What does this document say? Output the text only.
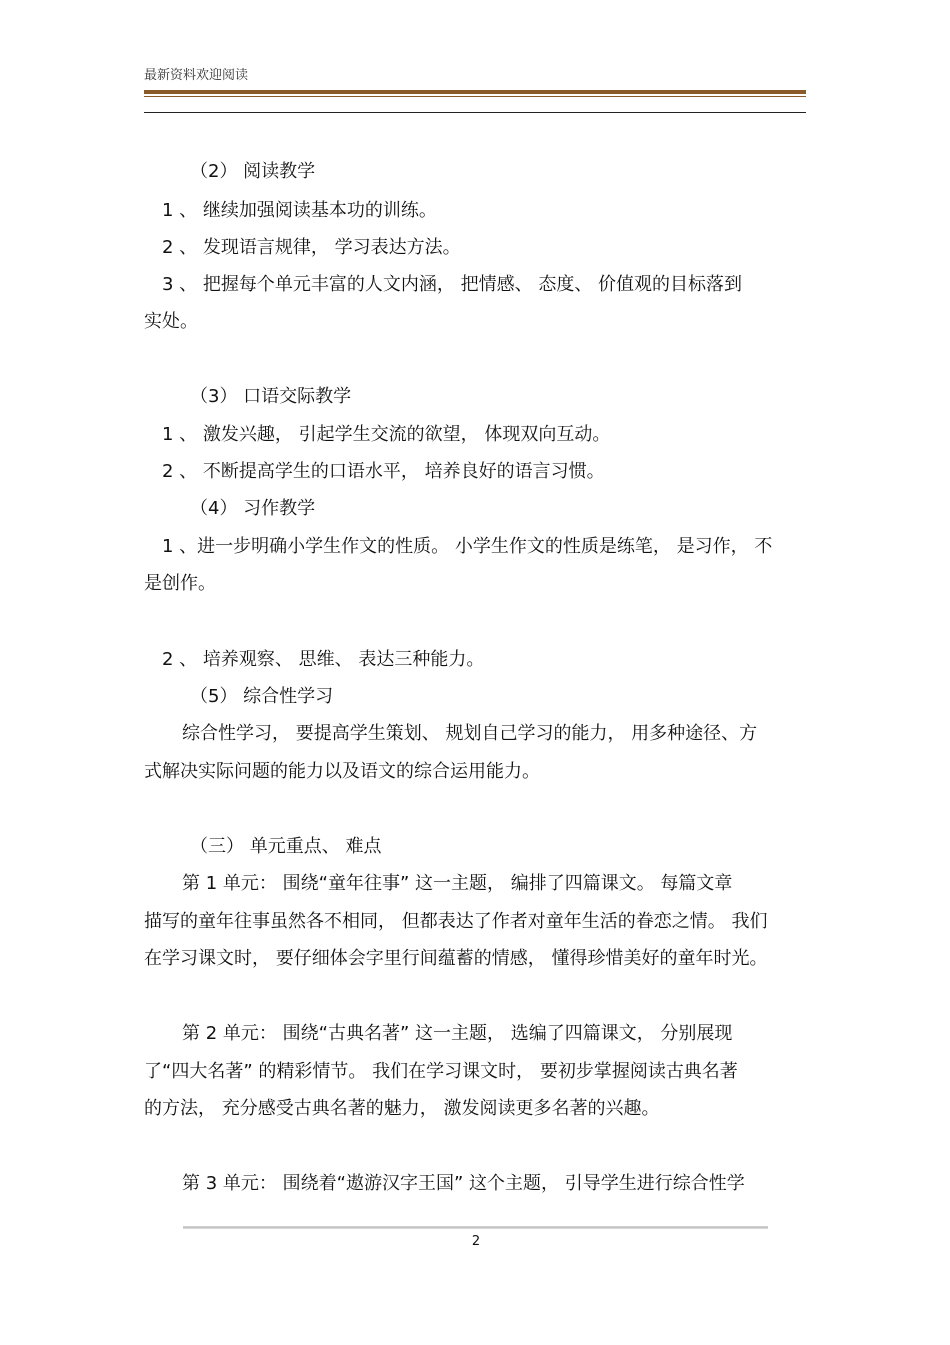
最新资料欢迎阅读
（2） 阅读教学
1 、 继续加强阅读基本功的训练。
2 、 发现语言规律， 学习表达方法。
3 、 把握每个单元丰富的人文内涵， 把情感、 态度、 价值观的目标落到
实处。
（3） 口语交际教学
1 、 激发兴趣， 引起学生交流的欲望， 体现双向互动。
2 、 不断提高学生的口语水平， 培养良好的语言习惯。
（4） 习作教学
1 、进一步明确小学生作文的性质。 小学生作文的性质是练笔， 是习作， 不
是创作。
2 、 培养观察、 思维、 表达三种能力。
（5） 综合性学习
综合性学习， 要提高学生策划、 规划自己学习的能力， 用多种途径、方
式解决实际问题的能力以及语文的综合运用能力。
（三） 单元重点、 难点
第 1 单元： 围绕“童年往事” 这一主题， 编排了四篇课文。 每篇文章
描写的童年往事虽然各不相同， 但都表达了作者对童年生活的眷恋之情。 我们
在学习课文时， 要仔细体会字里行间蕴蓄的情感， 懂得珍惜美好的童年时光。
第 2 单元： 围绕“古典名著” 这一主题， 选编了四篇课文， 分别展现
了“四大名著” 的精彩情节。 我们在学习课文时， 要初步掌握阅读古典名著
的方法， 充分感受古典名著的魅力， 激发阅读更多名著的兴趣。
第 3 单元： 围绕着“遨游汉字王国” 这个主题， 引导学生进行综合性学
2
